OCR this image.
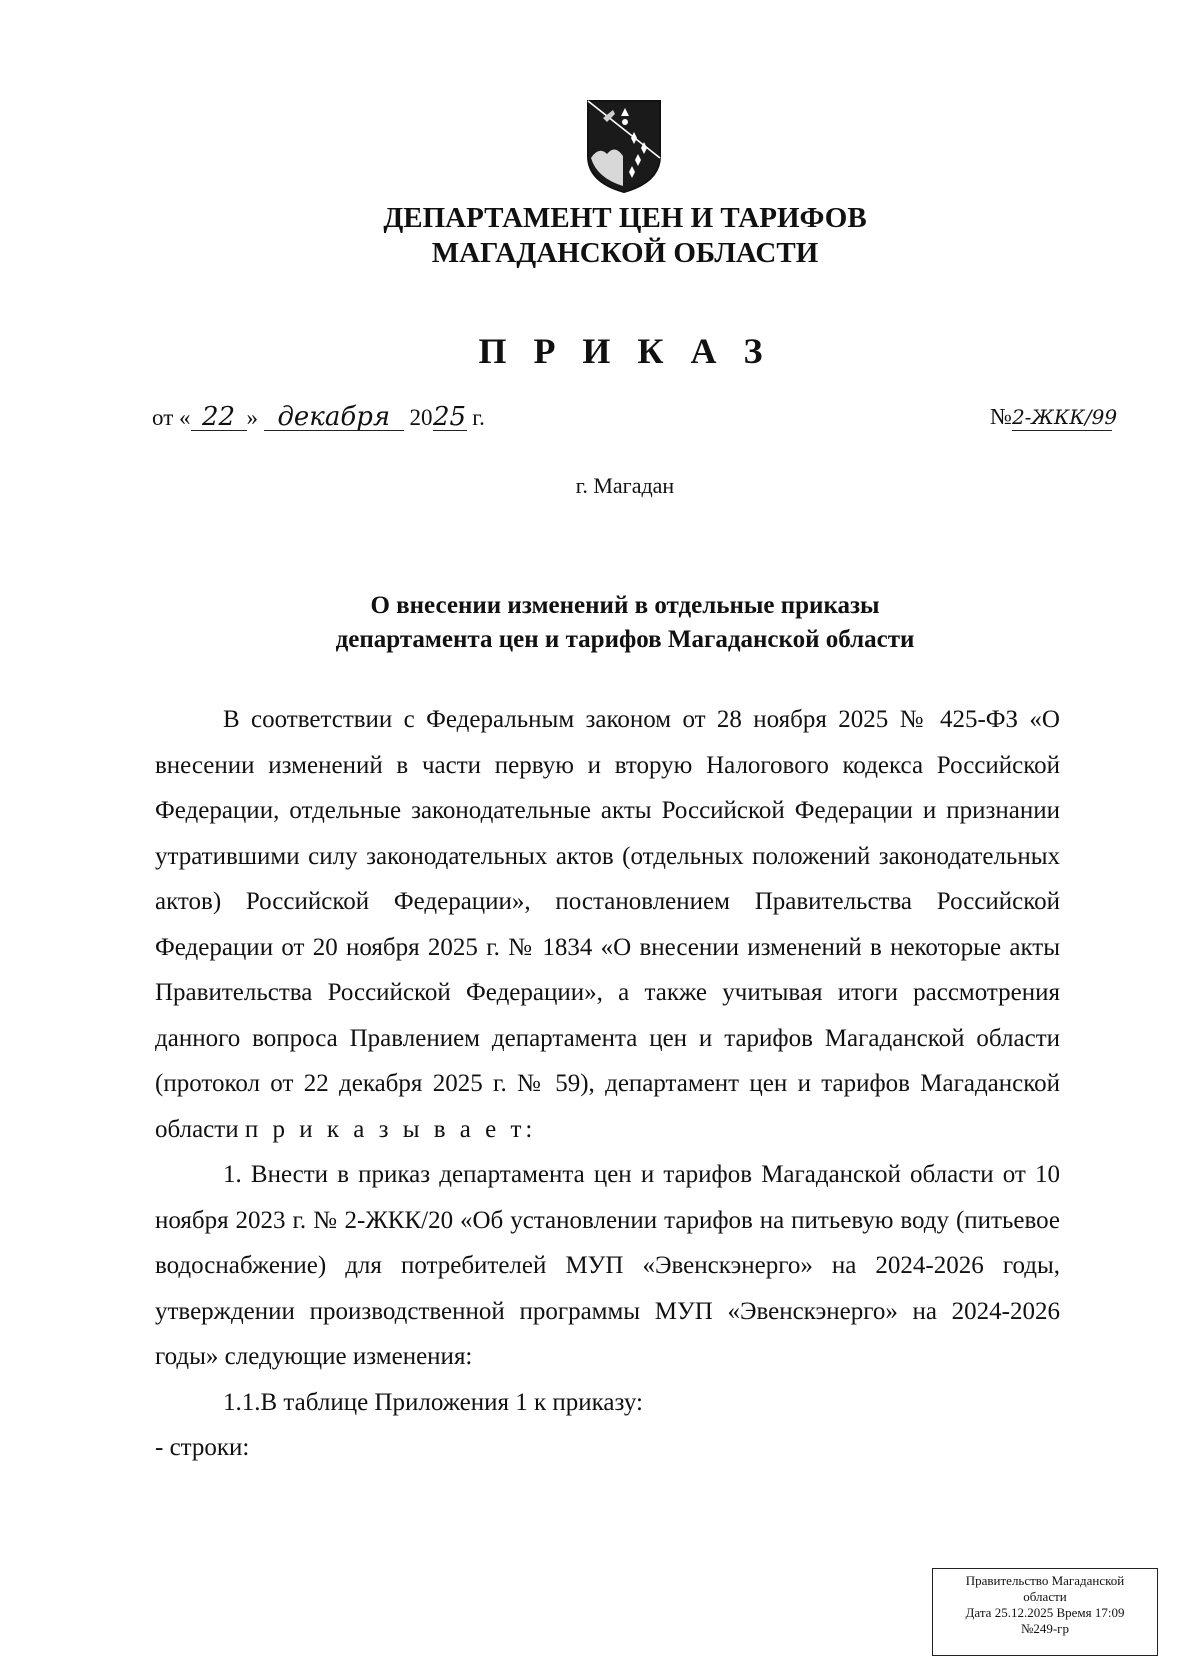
ДЕПАРТАМЕНТ ЦЕН И ТАРИФОВ
МАГАДАНСКОЙ ОБЛАСТИ
П Р И К А З
от « 22 » декабря 2025 г.	№2-ЖКК/99
г. Магадан
О внесении изменений в отдельные приказы
департамента цен и тарифов Магаданской области

В соответствии с Федеральным законом от 28 ноября 2025 № 425-ФЗ «О внесении изменений в части первую и вторую Налогового кодекса Российской Федерации, отдельные законодательные акты Российской Федерации и признании утратившими силу законодательных актов (отдельных положений законодательных актов) Российской Федерации», постановлением Правительства Российской Федерации от 20 ноября 2025 г. № 1834 «О внесении изменений в некоторые акты Правительства Российской Федерации», а также учитывая итоги рассмотрения данного вопроса Правлением департамента цен и тарифов Магаданской области (протокол от 22 декабря 2025 г. № 59), департамент цен и тарифов Магаданской области п р и к а з ы в а е т:

1. Внести в приказ департамента цен и тарифов Магаданской области от 10 ноября 2023 г. № 2-ЖКК/20 «Об установлении тарифов на питьевую воду (питьевое водоснабжение) для потребителей МУП «Эвенскэнерго» на 2024-2026 годы, утверждении производственной программы МУП «Эвенскэнерго» на 2024-2026 годы» следующие изменения:

1.1.В таблице Приложения 1 к приказу:

- строки:

Правительство Магаданской
области
Дата 25.12.2025 Время 17:09
№249-гр
